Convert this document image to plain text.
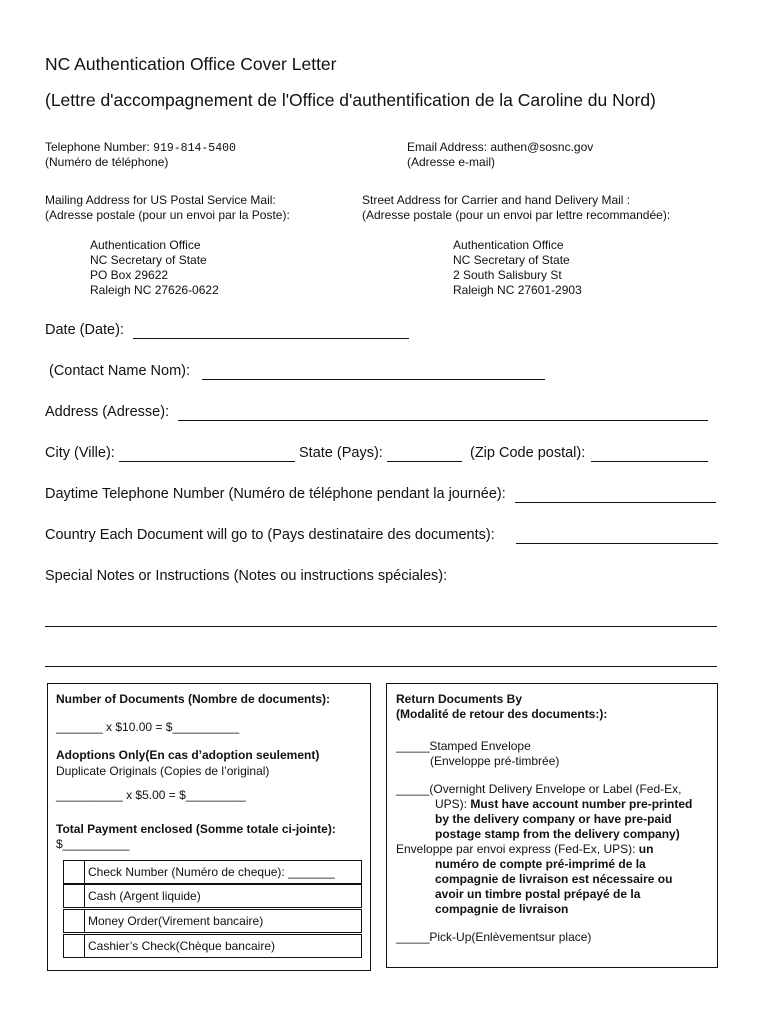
NC Authentication Office Cover Letter
(Lettre d'accompagnement de l'Office d'authentification de la Caroline du Nord)
Telephone Number: 919-814-5400
(Numéro de téléphone)
Email Address: authen@sosnc.gov
(Adresse e-mail)
Mailing Address for US Postal Service Mail:
(Adresse postale (pour un envoi par la Poste):
Authentication Office
NC Secretary of State
PO Box 29622
Raleigh NC 27626-0622
Street Address for Carrier and hand Delivery Mail :
(Adresse postale (pour un envoi par lettre recommandée):
Authentication Office
NC Secretary of State
2 South Salisbury St
Raleigh NC 27601-2903
Date (Date):
(Contact Name Nom):
Address (Adresse):
City (Ville):	State (Pays):	(Zip Code postal):
Daytime Telephone Number (Numéro de téléphone pendant la journée):
Country Each Document will go to (Pays destinataire des documents):
Special Notes or Instructions (Notes ou instructions spéciales):
Number of Documents (Nombre de documents):
_______ x $10.00 = $__________
Adoptions Only(En cas d’adoption seulement)
Duplicate Originals (Copies de l’original)
__________ x $5.00 = $_________
Total Payment enclosed (Somme totale ci-jointe):
$__________
Check Number (Numéro de cheque): _______
Cash (Argent liquide)
Money Order(Virement bancaire)
Cashier’s Check(Chèque bancaire)
Return Documents By
(Modalité de retour des documents:):
_____Stamped Envelope
(Enveloppe pré-timbrée)
_____(Overnight Delivery Envelope or Label (Fed-Ex,
UPS): Must have account number pre-printed
by the delivery company or have pre-paid
postage stamp from the delivery company)
Enveloppe par envoi express (Fed-Ex, UPS): un
numéro de compte pré-imprimé de la
compagnie de livraison est nécessaire ou
avoir un timbre postal prépayé de la
compagnie de livraison
_____Pick-Up(Enlèvementsur place)
